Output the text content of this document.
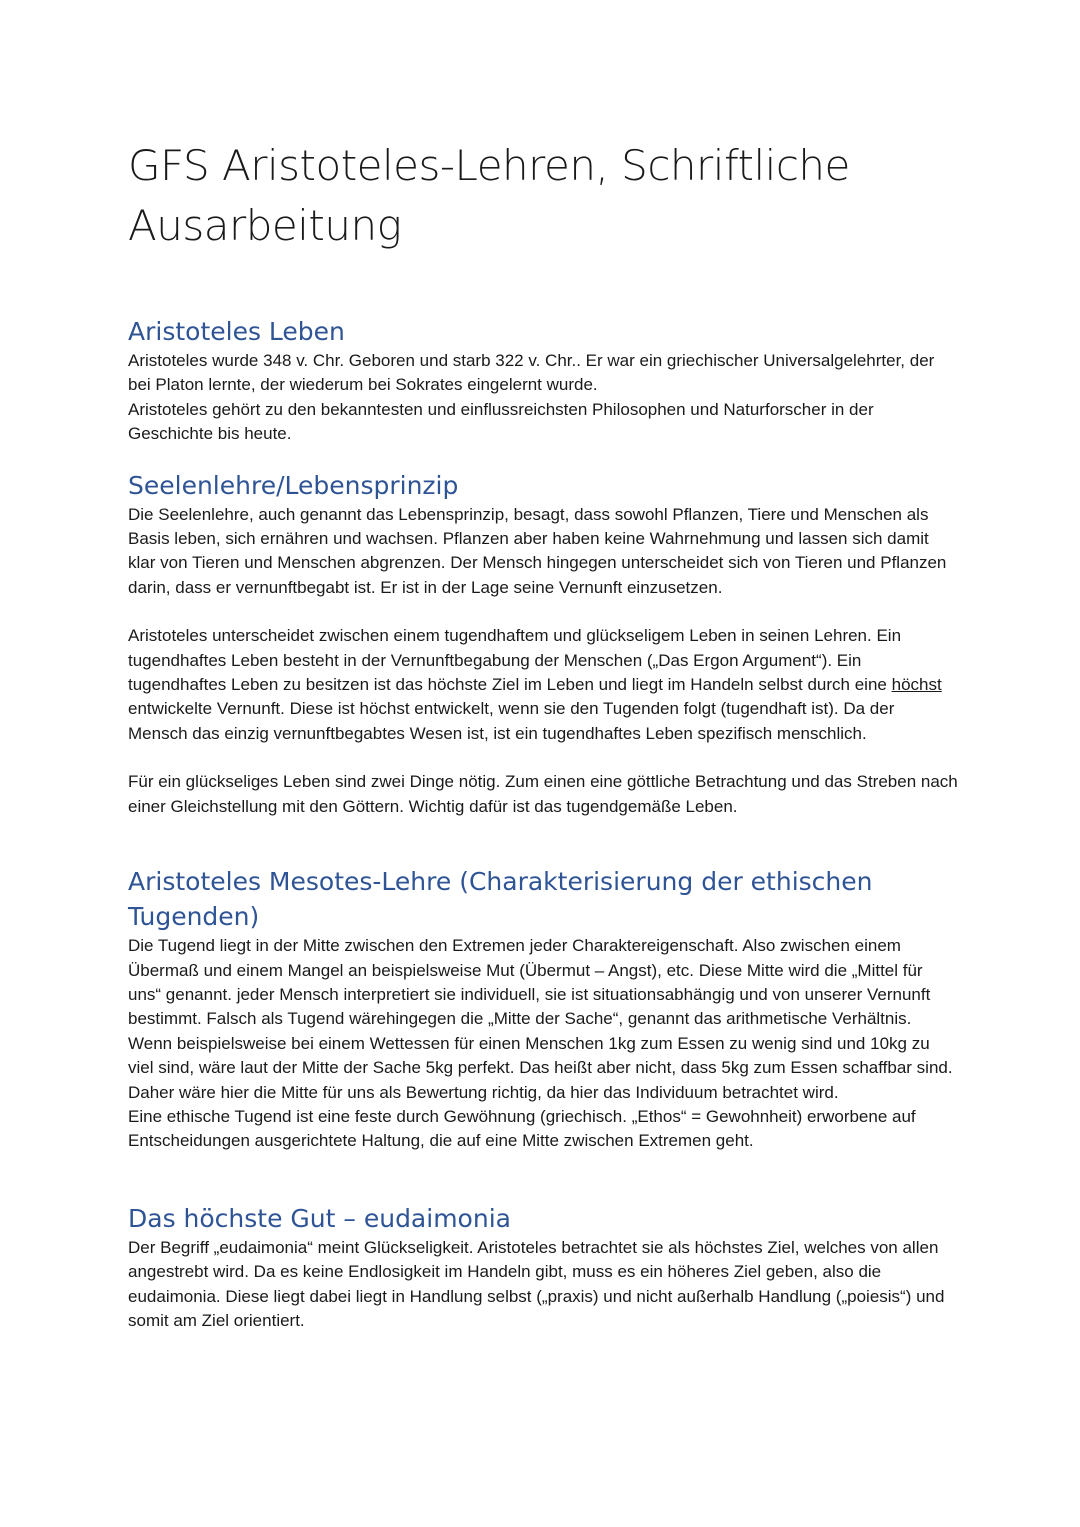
GFS Aristoteles-Lehren, Schriftliche Ausarbeitung
Aristoteles Leben

Aristoteles wurde 348 v. Chr. Geboren und starb 322 v. Chr.. Er war ein griechischer Universalgelehrter, der bei Platon lernte, der wiederum bei Sokrates eingelernt wurde.

Aristoteles gehört zu den bekanntesten und einflussreichsten Philosophen und Naturforscher in der Geschichte bis heute.

Seelenlehre/Lebensprinzip

Die Seelenlehre, auch genannt das Lebensprinzip, besagt, dass sowohl Pflanzen, Tiere und Menschen als Basis leben, sich ernähren und wachsen. Pflanzen aber haben keine Wahrnehmung und lassen sich damit klar von Tieren und Menschen abgrenzen. Der Mensch hingegen unterscheidet sich von Tieren und Pflanzen darin, dass er vernunftbegabt ist. Er ist in der Lage seine Vernunft einzusetzen.

Aristoteles unterscheidet zwischen einem tugendhaftem und glückseligem Leben in seinen Lehren. Ein tugendhaftes Leben besteht in der Vernunftbegabung der Menschen („Das Ergon Argument“). Ein tugendhaftes Leben zu besitzen ist das höchste Ziel im Leben und liegt im Handeln selbst durch eine höchst entwickelte Vernunft. Diese ist höchst entwickelt, wenn sie den Tugenden folgt (tugendhaft ist). Da der Mensch das einzig vernunftbegabtes Wesen ist, ist ein tugendhaftes Leben spezifisch menschlich.

Für ein glückseliges Leben sind zwei Dinge nötig. Zum einen eine göttliche Betrachtung und das Streben nach einer Gleichstellung mit den Göttern. Wichtig dafür ist das tugendgemäße Leben.

Aristoteles Mesotes-Lehre (Charakterisierung der ethischen Tugenden)

Die Tugend liegt in der Mitte zwischen den Extremen jeder Charaktereigenschaft. Also zwischen einem Übermaß und einem Mangel an beispielsweise Mut (Übermut – Angst), etc. Diese Mitte wird die „Mittel für uns“ genannt. jeder Mensch interpretiert sie individuell, sie ist situationsabhängig und von unserer Vernunft bestimmt. Falsch als Tugend wärehingegen die „Mitte der Sache“, genannt das arithmetische Verhältnis. Wenn beispielsweise bei einem Wettessen für einen Menschen 1kg zum Essen zu wenig sind und 10kg zu viel sind, wäre laut der Mitte der Sache 5kg perfekt. Das heißt aber nicht, dass 5kg zum Essen schaffbar sind. Daher wäre hier die Mitte für uns als Bewertung richtig, da hier das Individuum betrachtet wird.

Eine ethische Tugend ist eine feste durch Gewöhnung (griechisch. „Ethos“ = Gewohnheit) erworbene auf Entscheidungen ausgerichtete Haltung, die auf eine Mitte zwischen Extremen geht.

Das höchste Gut – eudaimonia

Der Begriff „eudaimonia“ meint Glückseligkeit. Aristoteles betrachtet sie als höchstes Ziel, welches von allen angestrebt wird. Da es keine Endlosigkeit im Handeln gibt, muss es ein höheres Ziel geben, also die eudaimonia. Diese liegt dabei liegt in Handlung selbst („praxis) und nicht außerhalb Handlung („poiesis“) und somit am Ziel orientiert.
